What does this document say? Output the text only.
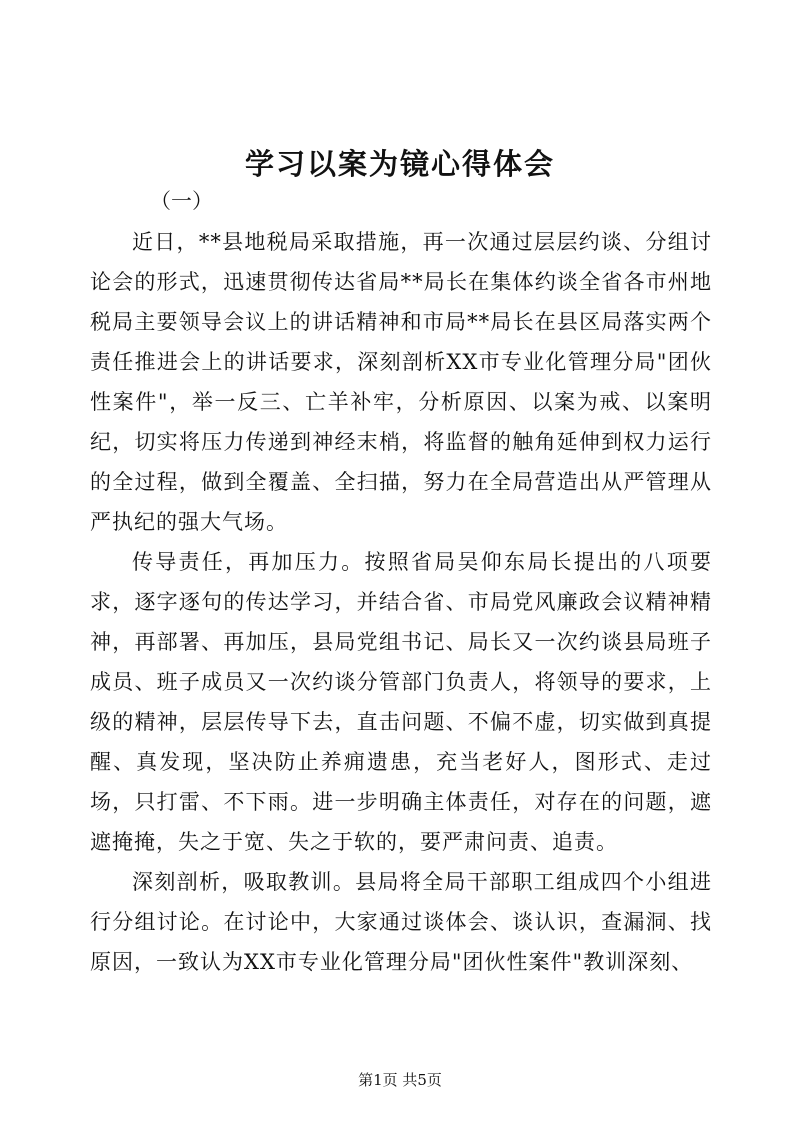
学习以案为镜心得体会

（一）

近日，**县地税局采取措施，再一次通过层层约谈、分组讨论会的形式，迅速贯彻传达省局**局长在集体约谈全省各市州地税局主要领导会议上的讲话精神和市局**局长在县区局落实两个责任推进会上的讲话要求，深刻剖析XX市专业化管理分局"团伙性案件"，举一反三、亡羊补牢，分析原因、以案为戒、以案明纪，切实将压力传递到神经末梢，将监督的触角延伸到权力运行的全过程，做到全覆盖、全扫描，努力在全局营造出从严管理从严执纪的强大气场。

传导责任，再加压力。按照省局吴仰东局长提出的八项要求，逐字逐句的传达学习，并结合省、市局党风廉政会议精神精神，再部署、再加压，县局党组书记、局长又一次约谈县局班子成员、班子成员又一次约谈分管部门负责人，将领导的要求，上级的精神，层层传导下去，直击问题、不偏不虚，切实做到真提醒、真发现，坚决防止养痈遗患，充当老好人，图形式、走过场，只打雷、不下雨。进一步明确主体责任，对存在的问题，遮遮掩掩，失之于宽、失之于软的，要严肃问责、追责。

深刻剖析，吸取教训。县局将全局干部职工组成四个小组进行分组讨论。在讨论中，大家通过谈体会、谈认识，查漏洞、找原因，一致认为XX市专业化管理分局"团伙性案件"教训深刻、

第1页 共5页
